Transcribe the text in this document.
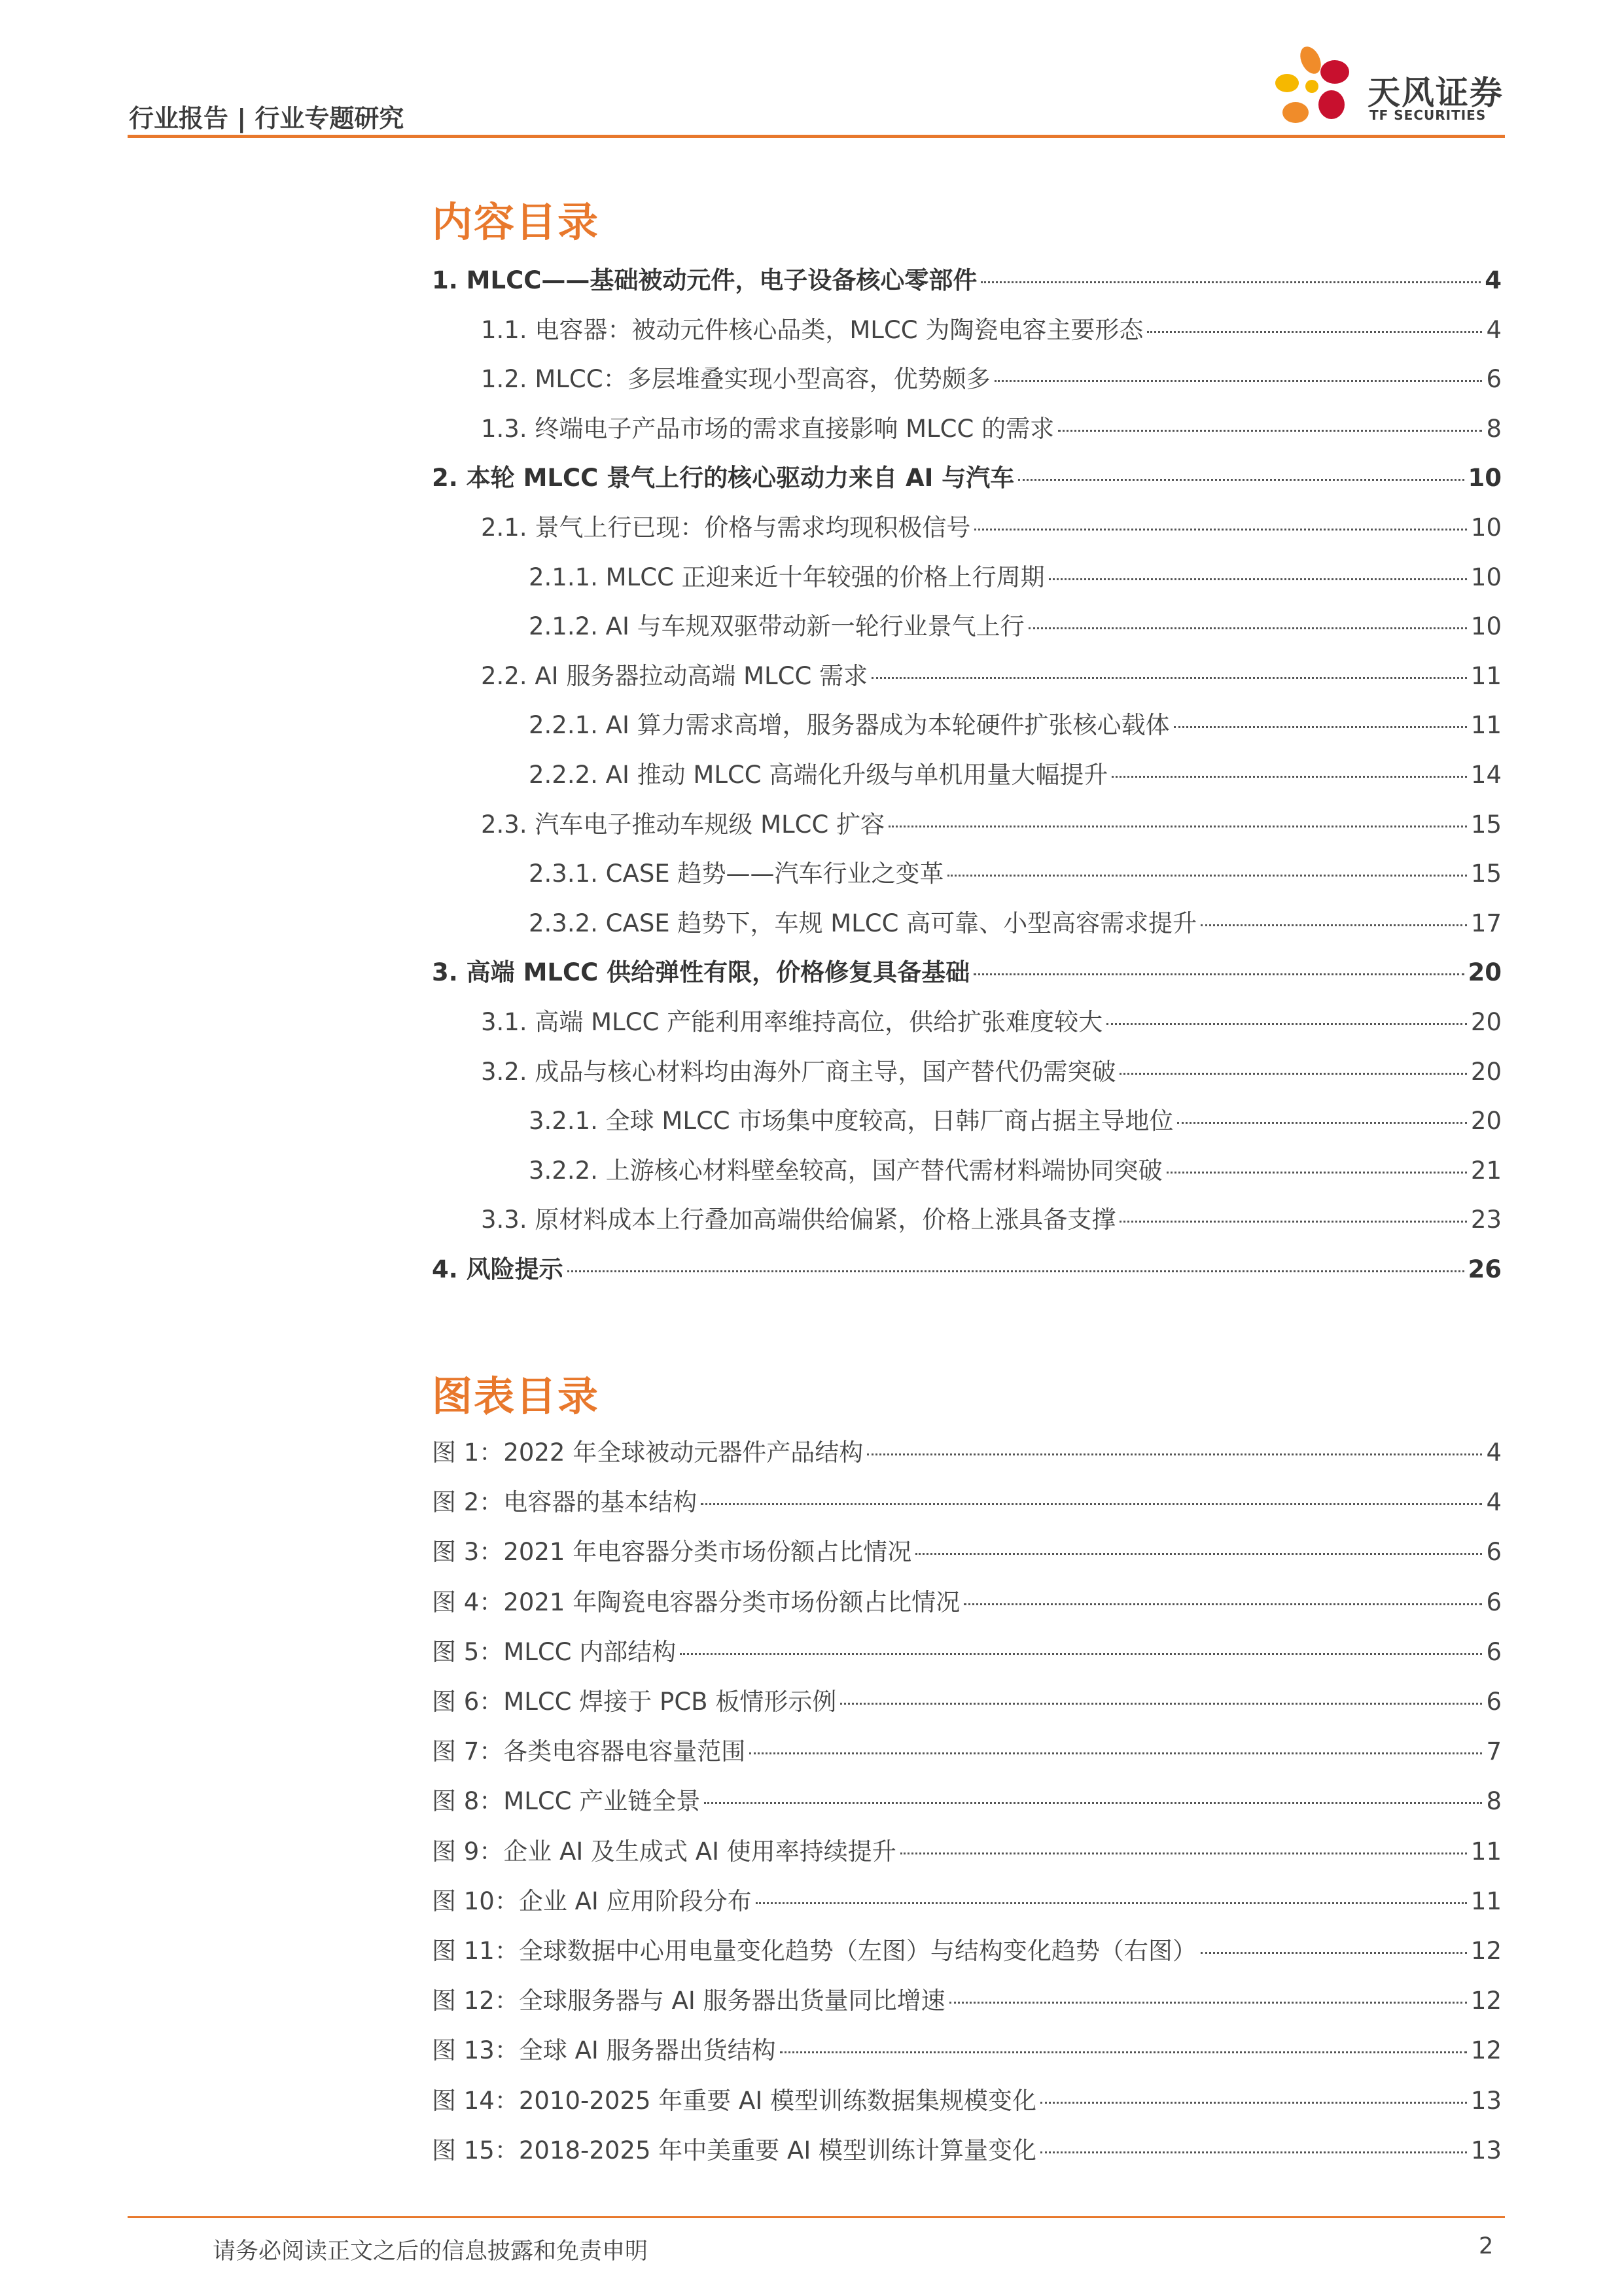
行业报告 | 行业专题研究
天风证券
TF SECURITIES
内容目录
1. MLCC——基础被动元件，电子设备核心零部件	4
1.1. 电容器：被动元件核心品类，MLCC 为陶瓷电容主要形态	4
1.2. MLCC：多层堆叠实现小型高容，优势颇多	6
1.3. 终端电子产品市场的需求直接影响 MLCC 的需求	8
2. 本轮 MLCC 景气上行的核心驱动力来自 AI 与汽车	10
2.1. 景气上行已现：价格与需求均现积极信号	10
2.1.1. MLCC 正迎来近十年较强的价格上行周期	10
2.1.2. AI 与车规双驱带动新一轮行业景气上行	10
2.2. AI 服务器拉动高端 MLCC 需求	11
2.2.1. AI 算力需求高增，服务器成为本轮硬件扩张核心载体	11
2.2.2. AI 推动 MLCC 高端化升级与单机用量大幅提升	14
2.3. 汽车电子推动车规级 MLCC 扩容	15
2.3.1. CASE 趋势——汽车行业之变革	15
2.3.2. CASE 趋势下，车规 MLCC 高可靠、小型高容需求提升	17
3. 高端 MLCC 供给弹性有限，价格修复具备基础	20
3.1. 高端 MLCC 产能利用率维持高位，供给扩张难度较大	20
3.2. 成品与核心材料均由海外厂商主导，国产替代仍需突破	20
3.2.1. 全球 MLCC 市场集中度较高，日韩厂商占据主导地位	20
3.2.2. 上游核心材料壁垒较高，国产替代需材料端协同突破	21
3.3. 原材料成本上行叠加高端供给偏紧，价格上涨具备支撑	23
4. 风险提示	26
图表目录
图 1：2022 年全球被动元器件产品结构	4
图 2：电容器的基本结构	4
图 3：2021 年电容器分类市场份额占比情况	6
图 4：2021 年陶瓷电容器分类市场份额占比情况	6
图 5：MLCC 内部结构	6
图 6：MLCC 焊接于 PCB 板情形示例	6
图 7：各类电容器电容量范围	7
图 8：MLCC 产业链全景	8
图 9：企业 AI 及生成式 AI 使用率持续提升	11
图 10：企业 AI 应用阶段分布	11
图 11：全球数据中心用电量变化趋势（左图）与结构变化趋势（右图）	12
图 12：全球服务器与 AI 服务器出货量同比增速	12
图 13：全球 AI 服务器出货结构	12
图 14：2010-2025 年重要 AI 模型训练数据集规模变化	13
图 15：2018-2025 年中美重要 AI 模型训练计算量变化	13
请务必阅读正文之后的信息披露和免责申明	2
